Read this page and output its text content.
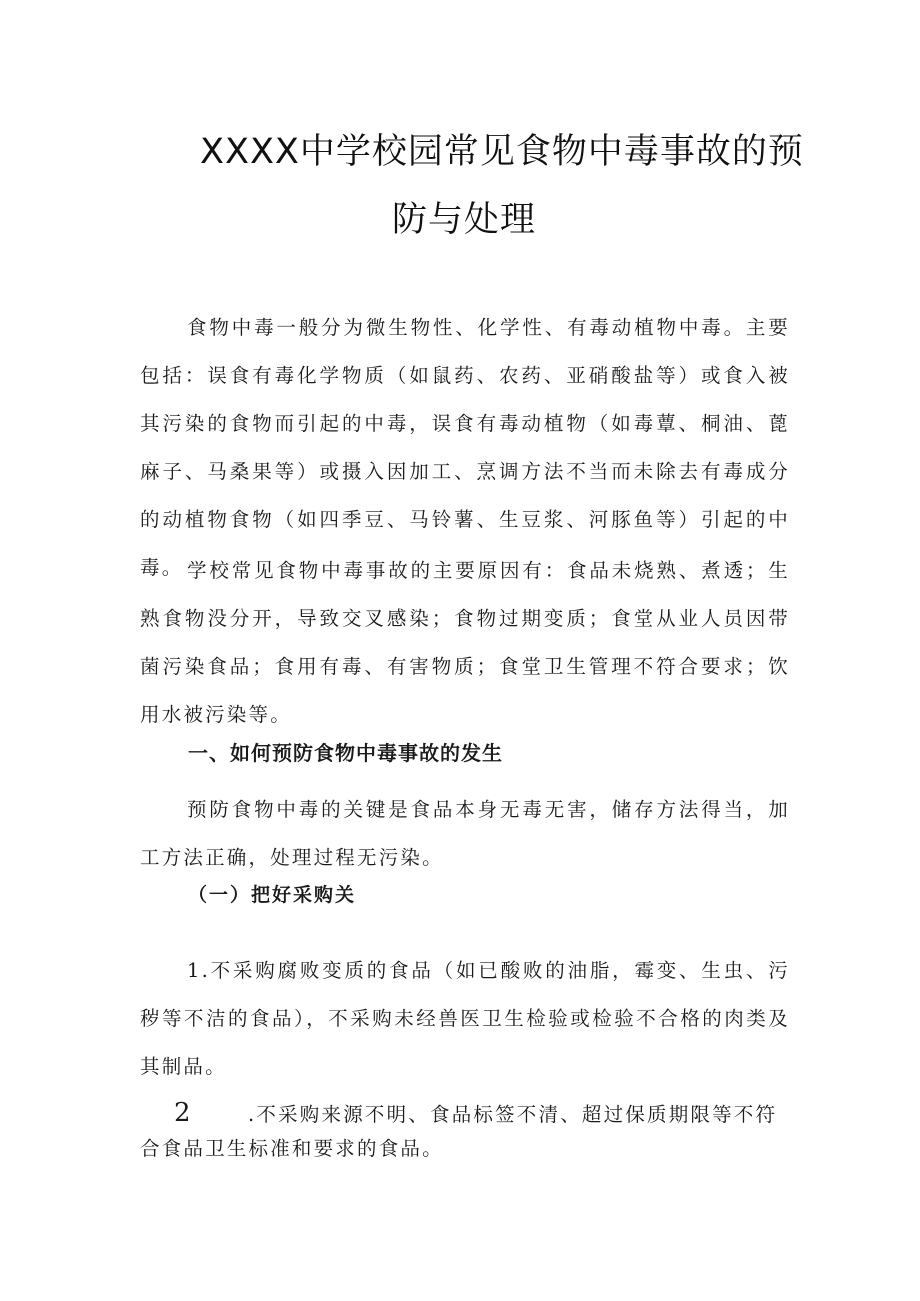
XXXX中学校园常见食物中毒事故的预
防与处理

食物中毒一般分为微生物性、化学性、有毒动植物中毒。主要包括：误食有毒化学物质（如鼠药、农药、亚硝酸盐等）或食入被其污染的食物而引起的中毒，误食有毒动植物（如毒蕈、桐油、蓖麻子、马桑果等）或摄入因加工、烹调方法不当而未除去有毒成分的动植物食物（如四季豆、马铃薯、生豆浆、河豚鱼等）引起的中毒。 学校常见食物中毒事故的主要原因有：食品未烧熟、煮透；生熟食物没分开，导致交叉感染；食物过期变质；食堂从业人员因带菌污染食品；食用有毒、有害物质；食堂卫生管理不符合要求；饮用水被污染等。

一、如何预防食物中毒事故的发生

预防食物中毒的关键是食品本身无毒无害，储存方法得当，加工方法正确，处理过程无污染。

（一）把好采购关

1.不采购腐败变质的食品（如已酸败的油脂，霉变、生虫、污秽等不洁的食品），不采购未经兽医卫生检验或检验不合格的肉类及其制品。

2	.不采购来源不明、食品标签不清、超过保质期限等不符合食品卫生标准和要求的食品。
